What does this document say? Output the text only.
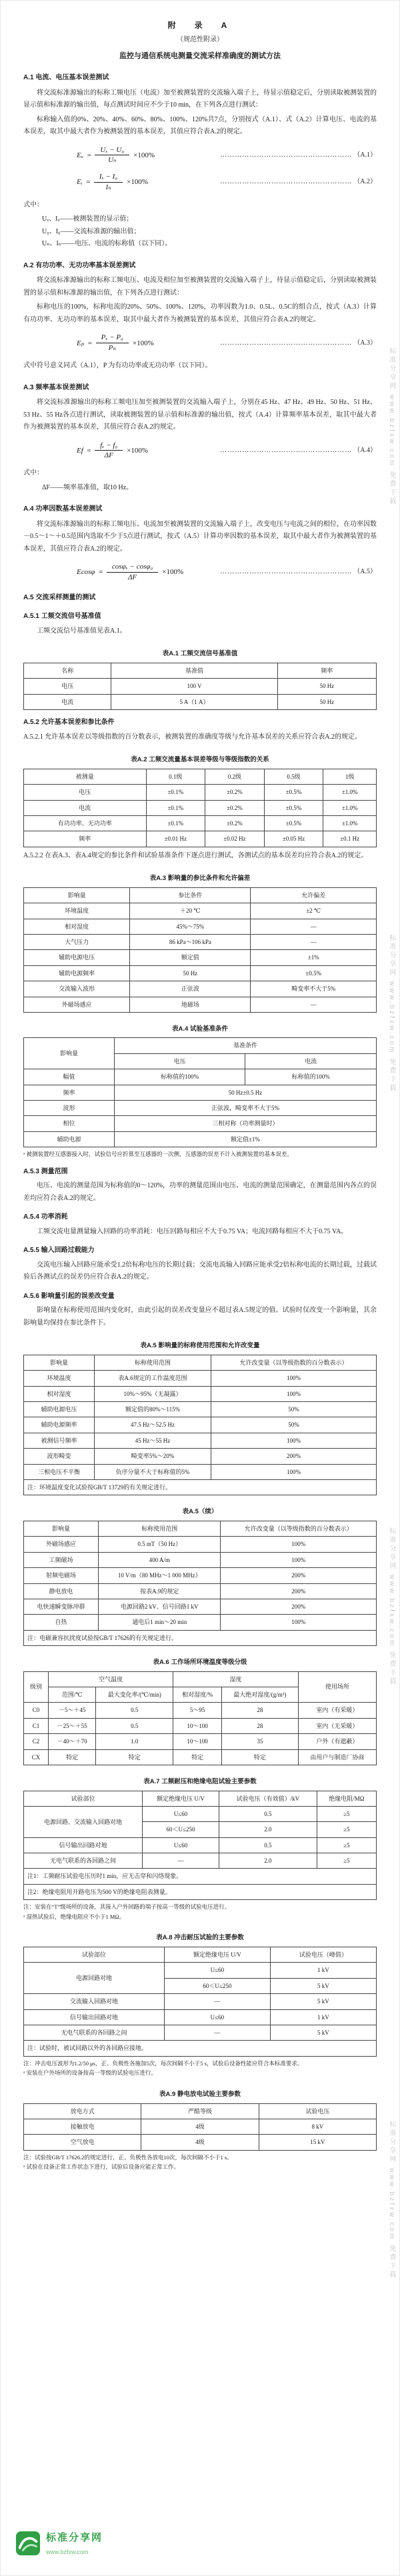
标准分享网 www.bzfxw.com 免费下载
标准分享网 www.bzfxw.com 免费下载
标准分享网 www.bzfxw.com 免费下载
标准分享网 www.bzfxw.com 免费下载
附　录　A
（规范性附录）
监控与通信系统电测量交流采样准确度的测试方法
A.1 电流、电压基本误差测试

将交流标准源输出的标称工频电压（电流）加至被测装置的交流输入端子上，待显示值稳定后，分别读取被测装置的显示值和标准源的输出值，每点测试时间应不少于10 min，在下列各点进行测试：

标称输入值的0%、20%、40%、60%、80%、100%、120%共7点，分别按式（A.1）、式（A.2）计算电压、电流的基本误差，取其中最大者作为被测装置的基本误差，其值应符合表A.2的规定。

Eᵤ = $\frac{\text{Uₓ − U₀}}{\text{Uₙ}} \times 100\%$	……………………………………………… （A.1）
Eᵢ = $\frac{\text{Iₓ − I₀}}{\text{Iₙ}} \times 100\%$	……………………………………………… （A.2）
式中：
Uₓ、Iₓ——被测装置的显示值；
U₀、I₀——交流标准源的输出值；
Uₙ、Iₙ——电压、电流的标称值（以下同）。
A.2 有功功率、无功功率基本误差测试

将交流标准源输出的标称工频电压、电流及相位加至被测装置的交流输入端子上，待显示值稳定后，分别读取被测装置的显示值和标准源的输出值，在下列各点进行测试：

标称电压的100%，标称电流的20%、50%、100%、120%，功率因数为1.0、0.5L、0.5C的组合点，按式（A.3）计算有功功率、无功功率的基本误差，取其中最大者作为被测装置的基本误差，其值应符合表A.2的规定。

$E_p = \frac{\text{Pₓ − P₀}}{\text{Pₙ}} \times 100\%$	……………………………………………… （A.3）

式中符号意义同式（A.1），P 为有功功率或无功功率（以下同）。

A.3 频率基本误差测试

将交流标准源输出的标称工频电压加至被测装置的交流输入端子上，分别在45 Hz、47 Hz、49 Hz、50 Hz、51 Hz、53 Hz、55 Hz各点进行测试，读取被测装置的显示值和标准源的输出值，按式（A.4）计算频率基本误差，取其中最大者作为被测装置的基本误差，其值应符合表A.2的规定。

$Ef = \frac{\text{fₓ − f₀}}{\Delta F} \times 100\%$	……………………………………………… （A.4）
式中：
ΔF——频率基准值，取10 Hz。
A.4 功率因数基本误差测试

将交流标准源输出的标称工频电压、电流加至被测装置的交流输入端子上，改变电压与电流之间的相位，在功率因数－0.5～1～＋0.5范围内选取不少于5点进行测试，按式（A.5）计算功率因数的基本误差，取其中最大者作为被测装置的基本误差，其值应符合表A.2的规定。

$Ecos\varphi = \frac{\text{cosφₓ − cosφ₀}}{\Delta F} \times 100\%$	……………………………………………… （A.5）
A.5 交流采样测量的测试
A.5.1 工频交流信号基准值

工频交流信号基准值见表A.1。

表A.1 工频交流信号基准值
名称	基准值	频率
电压	100 V	50 Hz
电流	5 A（1 A）	50 Hz
A.5.2 允许基本误差和参比条件

A.5.2.1 允许基本误差以等级指数的百分数表示，被测装置的准确度等级与允许基本误差的关系应符合表A.2的规定。

表A.2 工频交流量基本误差等级与等级指数的关系
被测量	0.1级	0.2级	0.5级	1级
电压	±0.1%	±0.2%	±0.5%	±1.0%
电流	±0.1%	±0.2%	±0.5%	±1.0%
有功功率、无功功率	±0.1%	±0.2%	±0.5%	±1.0%
频率	±0.01 Hz	±0.02 Hz	±0.05 Hz	±0.1 Hz

A.5.2.2 在表A.3、表A.4规定的参比条件和试验基准条件下逐点进行测试，各测试点的基本误差均应符合表A.2的规定。

表A.3 影响量的参比条件和允许偏差
影响量	参比条件	允许偏差
环境温度	＋20 ℃	±2 ℃
相对湿度	45%～75%	—
大气压力	86 kPa～106 kPa	—
辅助电源电压	额定值	±1%
辅助电源频率	50 Hz	±0.5%
交流输入波形	正弦波	畸变率不大于5%
外磁场感应	地磁场	—
表A.4 试验基准条件
影响量	基准条件	
	电压	电流
幅值	标称值的100%	标称值的100%
频率	50 Hz±0.5 Hz	
波形	正弦波，畸变率不大于5%	
相位	三相对称（功率测量时）	
辅助电源	额定值±1%	

ᵃ 被测装置经互感器接入时，试验信号应折算至互感器的一次侧，互感器的误差不计入被测装置的基本误差。

A.5.3 测量范围

电压、电流的测量范围为标称值的0～120%，功率的测量范围由电压、电流的测量范围确定，在测量范围内各点的误差均应符合表A.2的规定。

A.5.4 功率消耗

工频交流电量测量输入回路的功率消耗：电压回路每相应不大于0.75 VA；电流回路每相应不大于0.75 VA。

A.5.5 输入回路过载能力

交流电压输入回路应能承受1.2倍标称电压的长期过载；交流电流输入回路应能承受2倍标称电流的长期过载，过载试验后各测试点的误差仍应符合表A.2的规定。

A.5.6 影响量引起的误差改变量

影响量在标称使用范围内变化时，由此引起的误差改变量应不超过表A.5规定的值。试验时仅改变一个影响量，其余影响量均保持在参比条件下。

表A.5 影响量的标称使用范围和允许改变量
影响量	标称使用范围	允许改变量（以等级指数的百分数表示）
环境温度	表A.6规定的工作温度范围	100%
相对湿度	10%～95%（无凝露）	100%
辅助电源电压	额定值的80%～115%	50%
辅助电源频率	47.5 Hz～52.5 Hz	50%
被测信号频率	45 Hz～55 Hz	100%
波形畸变	畸变率5%～20%	200%
三相电压不平衡	负序分量不大于标称值的5%	100%
注：环境温度变化试验按GB/T 13729的有关规定进行。		
表A.5（续）
影响量	标称使用范围	允许改变量（以等级指数的百分数表示）
外磁场感应	0.5 mT（50 Hz）	100%
工频磁场	400 A/m	100%
射频电磁场	10 V/m（80 MHz～1 000 MHz）	200%
静电放电	按表A.9的规定	200%
电快速瞬变脉冲群	电源回路2 kV、信号回路1 kV	200%
自热	通电后1 min～20 min	100%
注：电磁兼容抗扰度试验按GB/T 17626的有关规定进行。		
表A.6 工作场所环境温度等级分级
级别	空气温度		湿度		使用场所
	范围/℃	最大变化率/(℃/min)	相对湿度/%	最大绝对湿度/(g/m³)	
C0	－5～＋45	0.5	5～95	28	室内（有采暖）
C1	－25～＋55	0.5	10～100	28	室内（无采暖）
C2	－40～＋70	1.0	10～100	35	户外（有遮蔽）
CX	特定	特定	特定	特定	由用户与制造厂协商
表A.7 工频耐压和绝缘电阻试验主要参数
试验部位	额定绝缘电压 U/V	试验电压（有效值）/kV	绝缘电阻/MΩ
电源回路、交流输入回路对地	U≤60	0.5	≥5
	60＜U≤250	2.0	≥5
信号输出回路对地	U≤60	0.5	≥5
无电气联系的各回路之间	—	2.0	≥5
注1：工频耐压试验电压历时1 min，应无击穿和闪络现象。			
注2：绝缘电阻用开路电压为500 V的绝缘电阻表测量。			

注：安装在“T”级场所的设备，其接入户外回路的端子按高一等级的试验电压进行。

ᵃ 湿热试验后，绝缘电阻应不小于1 MΩ。

表A.8 冲击耐压试验的主要参数
试验部位	额定绝缘电压 U/V	试验电压（峰值）
电源回路对地	U≤60	1 kV
	60＜U≤250	5 kV
交流输入回路对地	—	5 kV
信号输出回路对地	U≤60	1 kV
无电气联系的各回路之间	—	5 kV
注：试验时，被试回路以外的各回路应接地。		

注：冲击电压波形为1.2/50 μs，正、负极性各施加5次，每次间隔不小于5 s，试验后设备性能应符合本标准要求。

ᵃ 安装在户外场所的设备按高一等级的试验电压进行。

表A.9 静电放电试验主要参数
放电方式	严酷等级	试验电压
接触放电	4级	8 kV
空气放电	4级	15 kV

注：试验按GB/T 17626.2的规定进行，正、负极性各放电10次，每次间隔不小于1 s。

ᵃ 试验在设备正常工作状态下进行，试验后设备应能正常工作。

标准分享网
www.bzfxw.com
